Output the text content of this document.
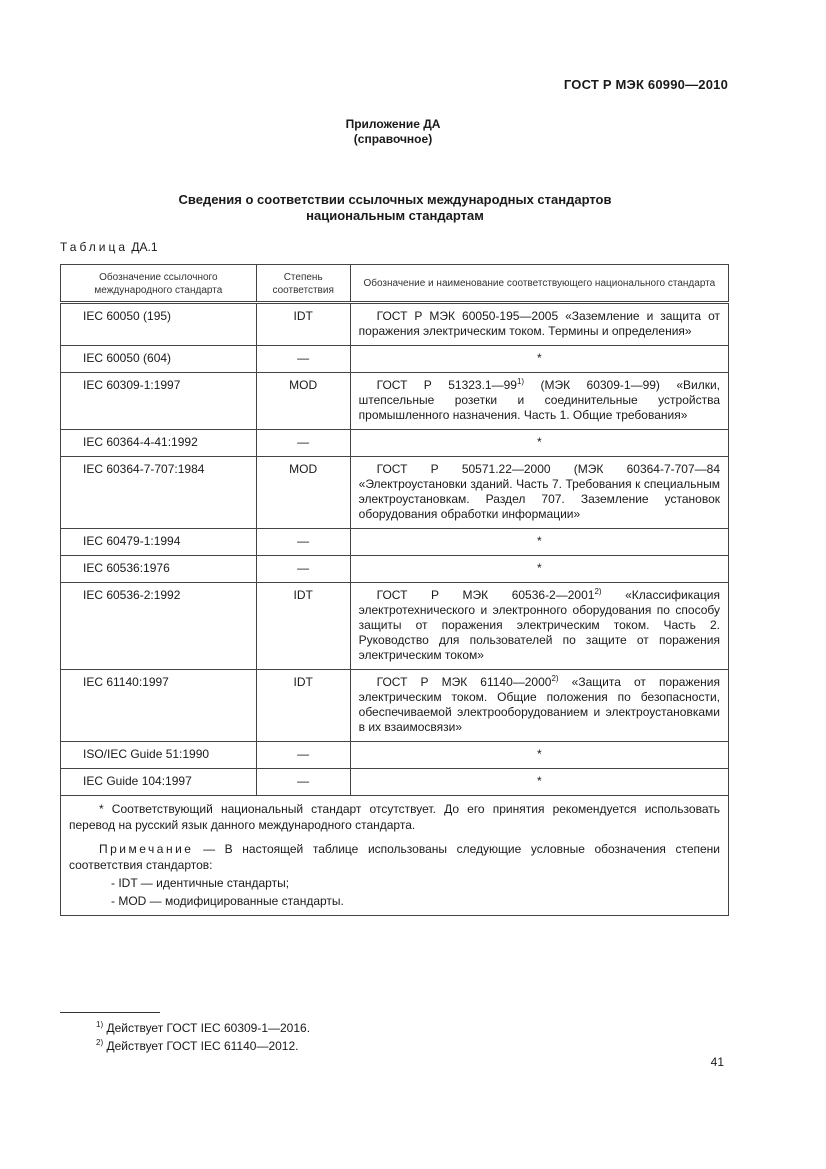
ГОСТ Р МЭК 60990—2010
Приложение ДА
(справочное)
Сведения о соответствии ссылочных международных стандартов
национальным стандартам
Таблица ДА.1
Обозначение ссылочного международного стандарта	Степень соответствия	Обозначение и наименование соответствующего национального стандарта
IEC 60050 (195)	IDT	ГОСТ Р МЭК 60050-195—2005 «Заземление и защита от поражения электрическим током. Термины и определения»
IEC 60050 (604)	—	*
IEC 60309-1:1997	MOD	ГОСТ Р 51323.1—99$^{1)}$ (МЭК 60309-1—99) «Вилки, штепсельные розетки и соединительные устройства промышленного назначения. Часть 1. Общие требования»
IEC 60364-4-41:1992	—	*
IEC 60364-7-707:1984	MOD	ГОСТ Р 50571.22—2000 (МЭК 60364-7-707—84 «Электроустановки зданий. Часть 7. Требования к специальным электроустановкам. Раздел 707. Заземление установок оборудования обработки информации»
IEC 60479-1:1994	—	*
IEC 60536:1976	—	*
IEC 60536-2:1992	IDT	ГОСТ Р МЭК 60536-2—2001$^{2)}$ «Классификация электротехнического и электронного оборудования по способу защиты от поражения электрическим током. Часть 2. Руководство для пользователей по защите от поражения электрическим током»
IEC 61140:1997	IDT	ГОСТ Р МЭК 61140—2000$^{2)}$ «Защита от поражения электрическим током. Общие положения по безопасности, обеспечиваемой электрооборудованием и электроустановками в их взаимосвязи»
ISO/IEC Guide 51:1990	—	*
IEC Guide 104:1997	—	*

* Соответствующий национальный стандарт отсутствует. До его принятия рекомендуется использовать перевод на русский язык данного международного стандарта.

Примечание — В настоящей таблице использованы следующие условные обозначения степени соответствия стандартов:

- IDT — идентичные стандарты;

- MOD — модифицированные стандарты.		

$^{1)}$ Действует ГОСТ IEC 60309-1—2016.
$^{2)}$ Действует ГОСТ IEC 61140—2012.
41
